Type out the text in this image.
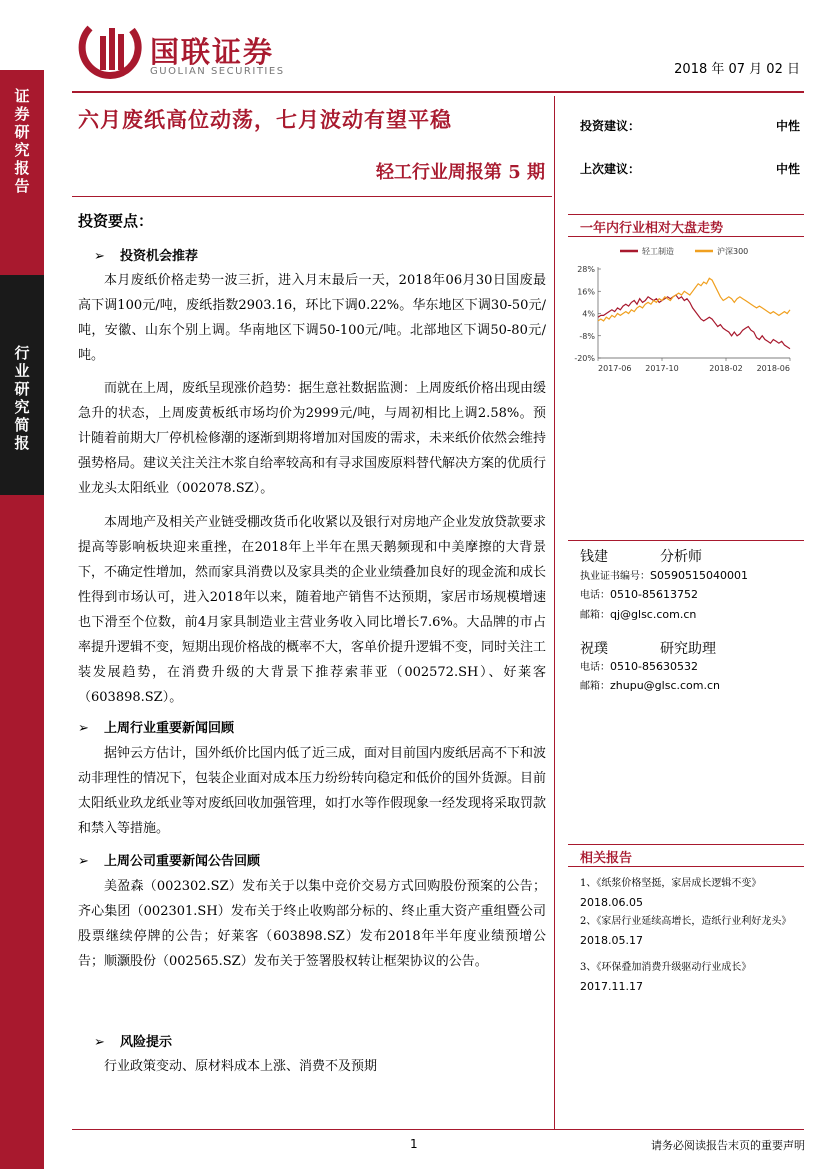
证券研究报告
行业研究简报
国联证券
GUOLIAN SECURITIES	2018 年 07 月 02 日
六月废纸高位动荡，七月波动有望平稳
轻工行业周报第 5 期
投资建议：	中性
上次建议：	中性
一年内行业相对大盘走势
轻工制造	沪深300
28%
16%
4%
-8%
-20%
2017-06 2017-10	2018-02 2018-06
钱建	分析师
执业证书编号：S0590515040001
电话：0510-85613752
邮箱：qj@glsc.com.cn
祝璞	研究助理
电话：0510-85630532
邮箱：zhupu@glsc.com.cn
相关报告
1、《纸浆价格坚挺，家居成长逻辑不变》
2018.06.05
2、《家居行业延续高增长，造纸行业利好龙头》
2018.05.17
3、《环保叠加消费升级驱动行业成长》
2017.11.17
投资要点：
➢ 投资机会推荐
本月废纸价格走势一波三折，进入月末最后一天，2018年06月30日国废最高下调100元/吨，废纸指数2903.16，环比下调0.22%。华东地区下调30-50元/吨，安徽、山东个别上调。华南地区下调50-100元/吨。北部地区下调50-80元/吨。
而就在上周，废纸呈现涨价趋势：据生意社数据监测：上周废纸价格出现由缓急升的状态，上周废黄板纸市场均价为2999元/吨，与周初相比上调2.58%。预计随着前期大厂停机检修潮的逐渐到期将增加对国废的需求，未来纸价依然会维持强势格局。建议关注关注木浆自给率较高和有寻求国废原料替代解决方案的优质行业龙头太阳纸业（002078.SZ）。
本周地产及相关产业链受棚改货币化收紧以及银行对房地产企业发放贷款要求提高等影响板块迎来重挫，在2018年上半年在黑天鹅频现和中美摩擦的大背景下，不确定性增加，然而家具消费以及家具类的企业业绩叠加良好的现金流和成长性得到市场认可，进入2018年以来，随着地产销售不达预期，家居市场规模增速也下滑至个位数，前4月家具制造业主营业务收入同比增长7.6%。大品牌的市占率提升逻辑不变，短期出现价格战的概率不大，客单价提升逻辑不变，同时关注工装发展趋势，在消费升级的大背景下推荐索菲亚（002572.SH）、好莱客（603898.SZ）。
➢ 上周行业重要新闻回顾
据钟云方估计，国外纸价比国内低了近三成，面对目前国内废纸居高不下和波动非理性的情况下，包装企业面对成本压力纷纷转向稳定和低价的国外货源。目前太阳纸业玖龙纸业等对废纸回收加强管理，如打水等作假现象一经发现将采取罚款和禁入等措施。
➢ 上周公司重要新闻公告回顾
美盈森（002302.SZ）发布关于以集中竞价交易方式回购股份预案的公告；齐心集团（002301.SH）发布关于终止收购部分标的、终止重大资产重组暨公司股票继续停牌的公告；好莱客（603898.SZ）发布2018年半年度业绩预增公告；顺灏股份（002565.SZ）发布关于签署股权转让框架协议的公告。
➢ 风险提示
行业政策变动、原材料成本上涨、消费不及预期
1	请务必阅读报告末页的重要声明
